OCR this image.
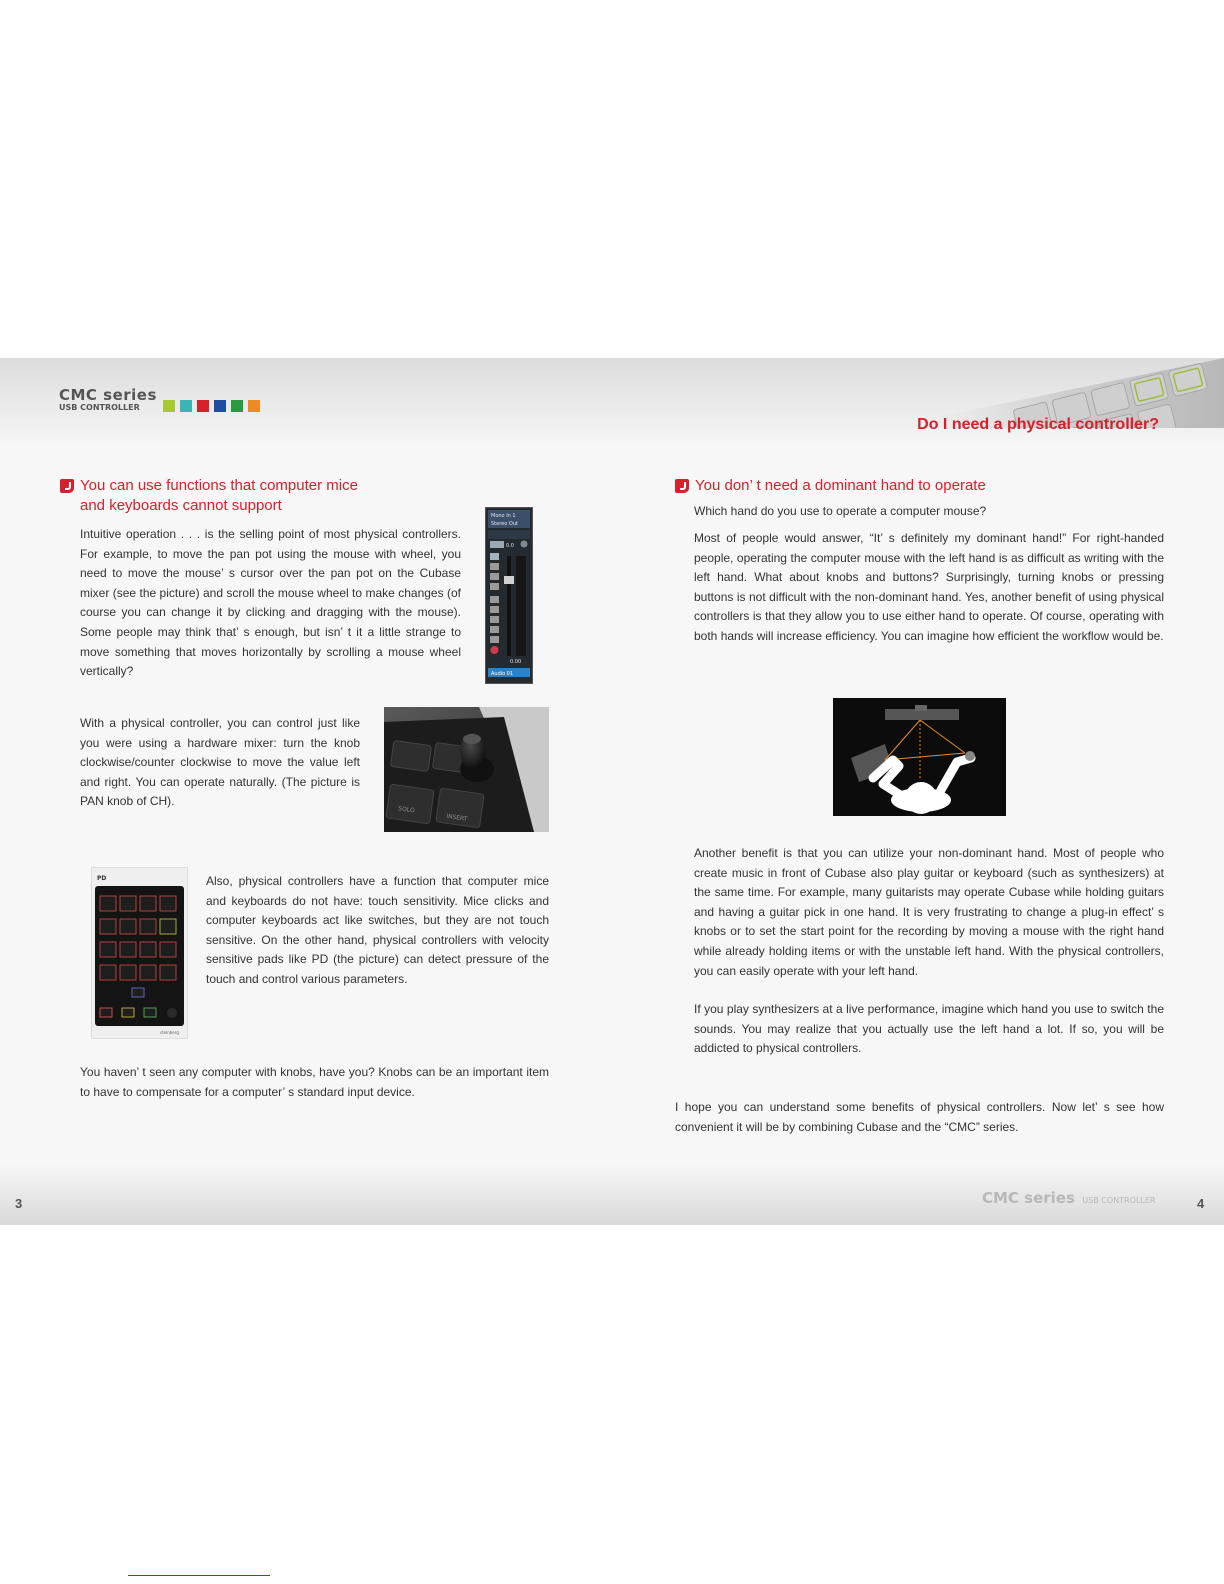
CMC series
USB CONTROLLER
Do I need a physical controller?
You can use functions that computer mice
and keyboards cannot support

Intuitive operation . . . is the selling point of most physical controllers. For example, to move the pan pot using the mouse with wheel, you need to move the mouse’ s cursor over the pan pot on the Cubase mixer (see the picture) and scroll the mouse wheel to make changes (of course you can change it by clicking and dragging with the mouse). Some people may think that’ s enough, but isn’ t it a little strange to move something that moves horizontally by scrolling a mouse wheel vertically?

Mono In 1
Stereo Out
0.0
0.00
Audio 01

With a physical controller, you can control just like you were using a hardware mixer: turn the knob clockwise/counter clockwise to move the value left and right. You can operate naturally. (The picture is PAN knob of CH).

SOLO
INSERT
PD
stelnberg

Also, physical controllers have a function that computer mice and keyboards do not have: touch sensitivity. Mice clicks and computer keyboards act like switches, but they are not touch sensitive. On the other hand, physical controllers with velocity sensitive pads like PD (the picture) can detect pressure of the touch and control various parameters.

You haven’ t seen any computer with knobs, have you? Knobs can be an important item to have to compensate for a computer’ s standard input device.

You don’ t need a dominant hand to operate

Which hand do you use to operate a computer mouse?

Most of people would answer, “It’ s definitely my dominant hand!” For right-handed people, operating the computer mouse with the left hand is as difficult as writing with the left hand. What about knobs and buttons? Surprisingly, turning knobs or pressing buttons is not difficult with the non-dominant hand. Yes, another benefit of using physical controllers is that they allow you to use either hand to operate. Of course, operating with both hands will increase efficiency. You can imagine how efficient the workflow would be.

Another benefit is that you can utilize your non-dominant hand. Most of people who create music in front of Cubase also play guitar or keyboard (such as synthesizers) at the same time. For example, many guitarists may operate Cubase while holding guitars and having a guitar pick in one hand. It is very frustrating to change a plug-in effect’ s knobs or to set the start point for the recording by moving a mouse with the right hand while already holding items or with the unstable left hand. With the physical controllers, you can easily operate with your left hand.

If you play synthesizers at a live performance, imagine which hand you use to switch the sounds. You may realize that you actually use the left hand a lot. If so, you will be addicted to physical controllers.

I hope you can understand some benefits of physical controllers. Now let’ s see how convenient it will be by combining Cubase and the “CMC” series.

3	CMC series USB CONTROLLER	4
